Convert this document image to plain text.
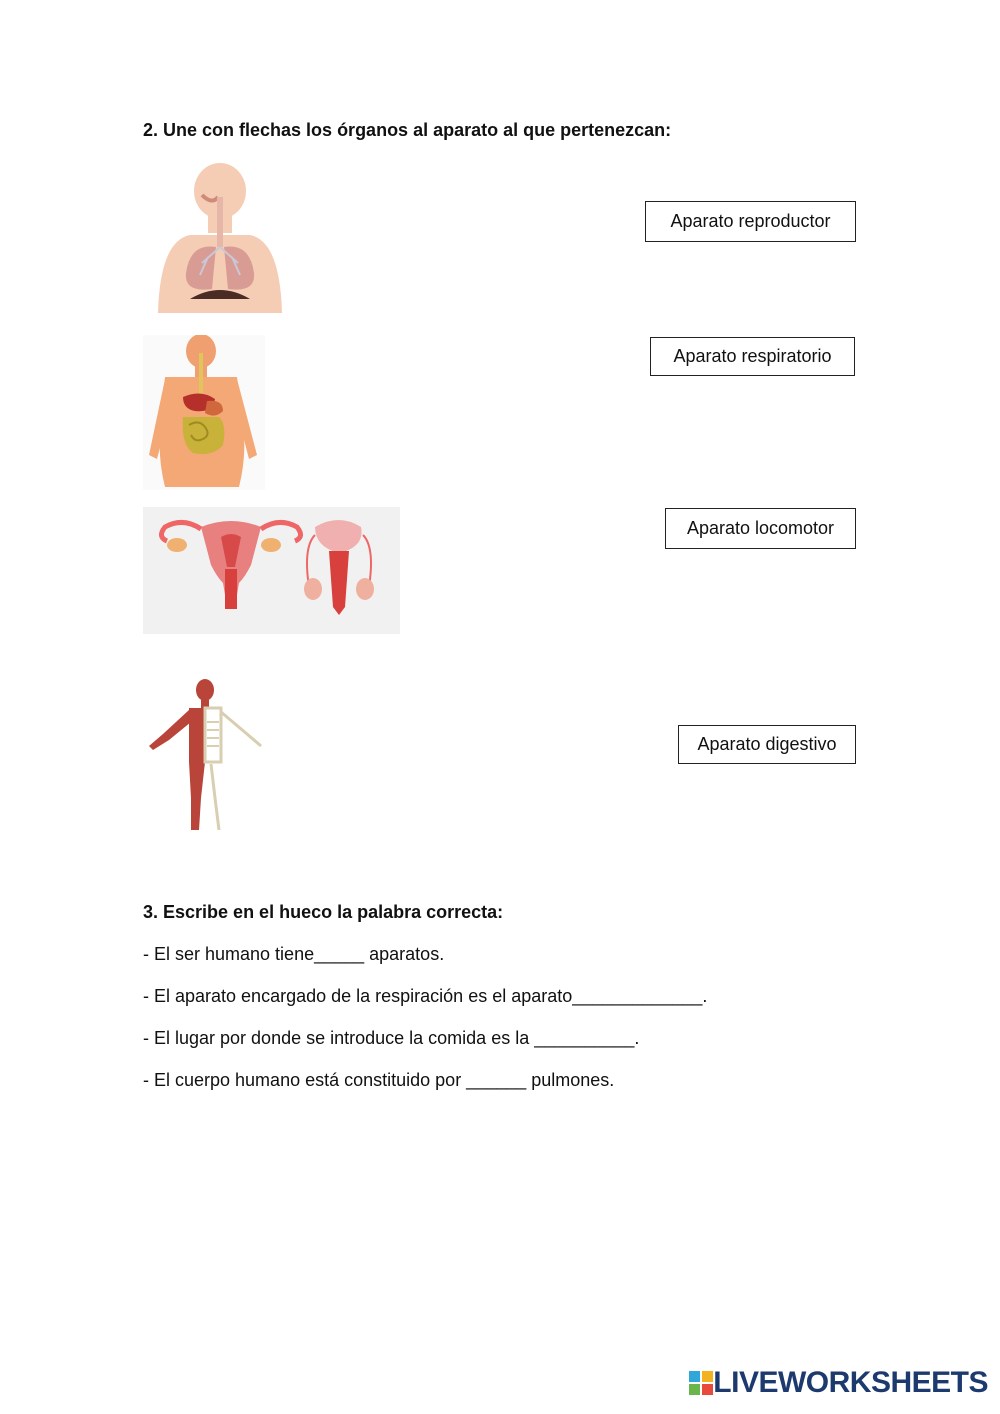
2. Une con flechas los órganos al aparato al que pertenezcan:
Aparato reproductor
Aparato respiratorio
Aparato locomotor
Aparato digestivo
3. Escribe en el hueco la palabra correcta:

- El ser humano tiene_____ aparatos.

- El aparato encargado de la respiración es el aparato_____________.

- El lugar por donde se introduce la comida es la __________.

- El cuerpo humano está constituido por ______ pulmones.

LIVEWORKSHEETS
